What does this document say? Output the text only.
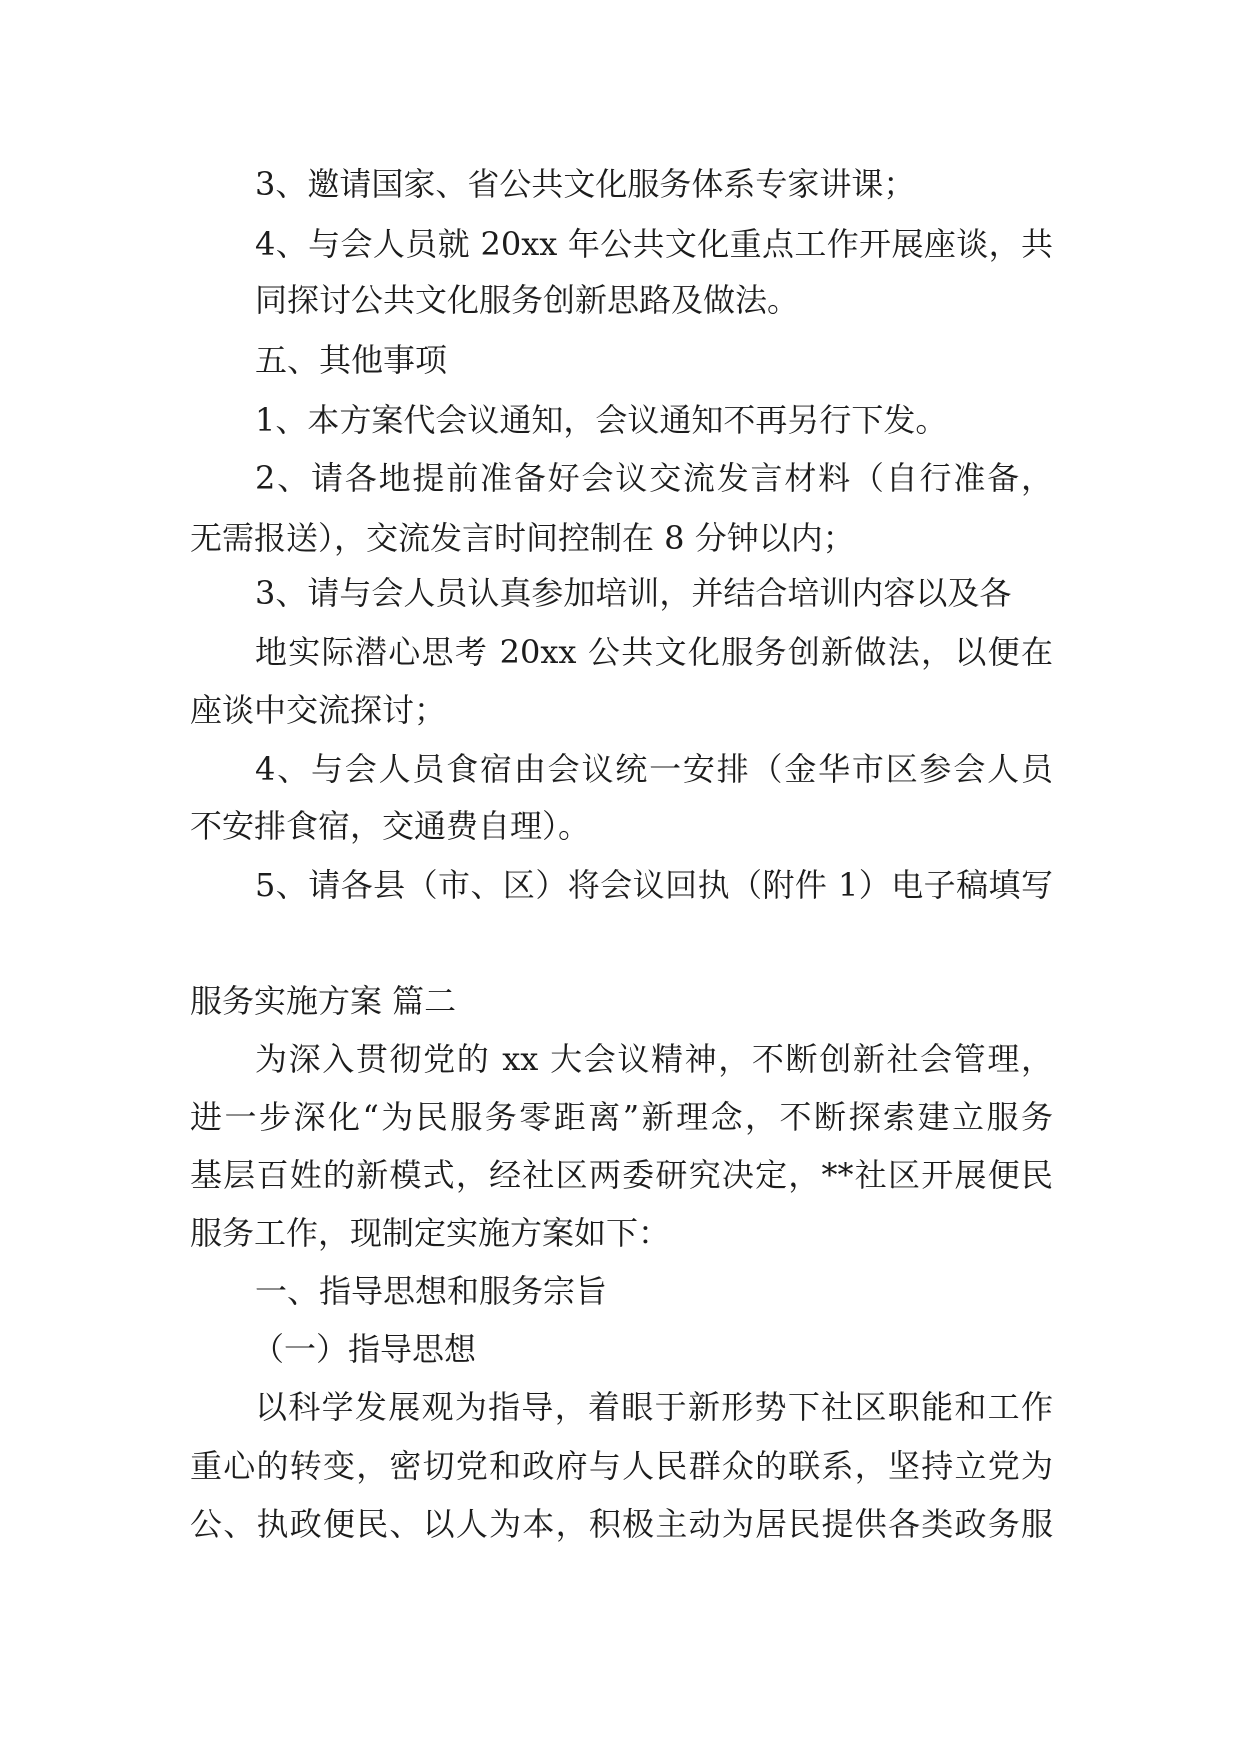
3、邀请国家、省公共文化服务体系专家讲课；
4、与会人员就 20xx 年公共文化重点工作开展座谈，共
同探讨公共文化服务创新思路及做法。
五、其他事项
1、本方案代会议通知，会议通知不再另行下发。
2、请各地提前准备好会议交流发言材料（自行准备，
无需报送），交流发言时间控制在 8 分钟以内；
3、请与会人员认真参加培训，并结合培训内容以及各
地实际潜心思考 20xx 公共文化服务创新做法，以便在
座谈中交流探讨；
4、与会人员食宿由会议统一安排（金华市区参会人员
不安排食宿，交通费自理）。
5、请各县（市、区）将会议回执（附件 1）电子稿填写
服务实施方案 篇二
为深入贯彻党的 xx 大会议精神，不断创新社会管理，
进一步深化“为民服务零距离”新理念，不断探索建立服务
基层百姓的新模式，经社区两委研究决定，**社区开展便民
服务工作，现制定实施方案如下：
一、指导思想和服务宗旨
（一）指导思想
以科学发展观为指导，着眼于新形势下社区职能和工作
重心的转变，密切党和政府与人民群众的联系，坚持立党为
公、执政便民、以人为本，积极主动为居民提供各类政务服
